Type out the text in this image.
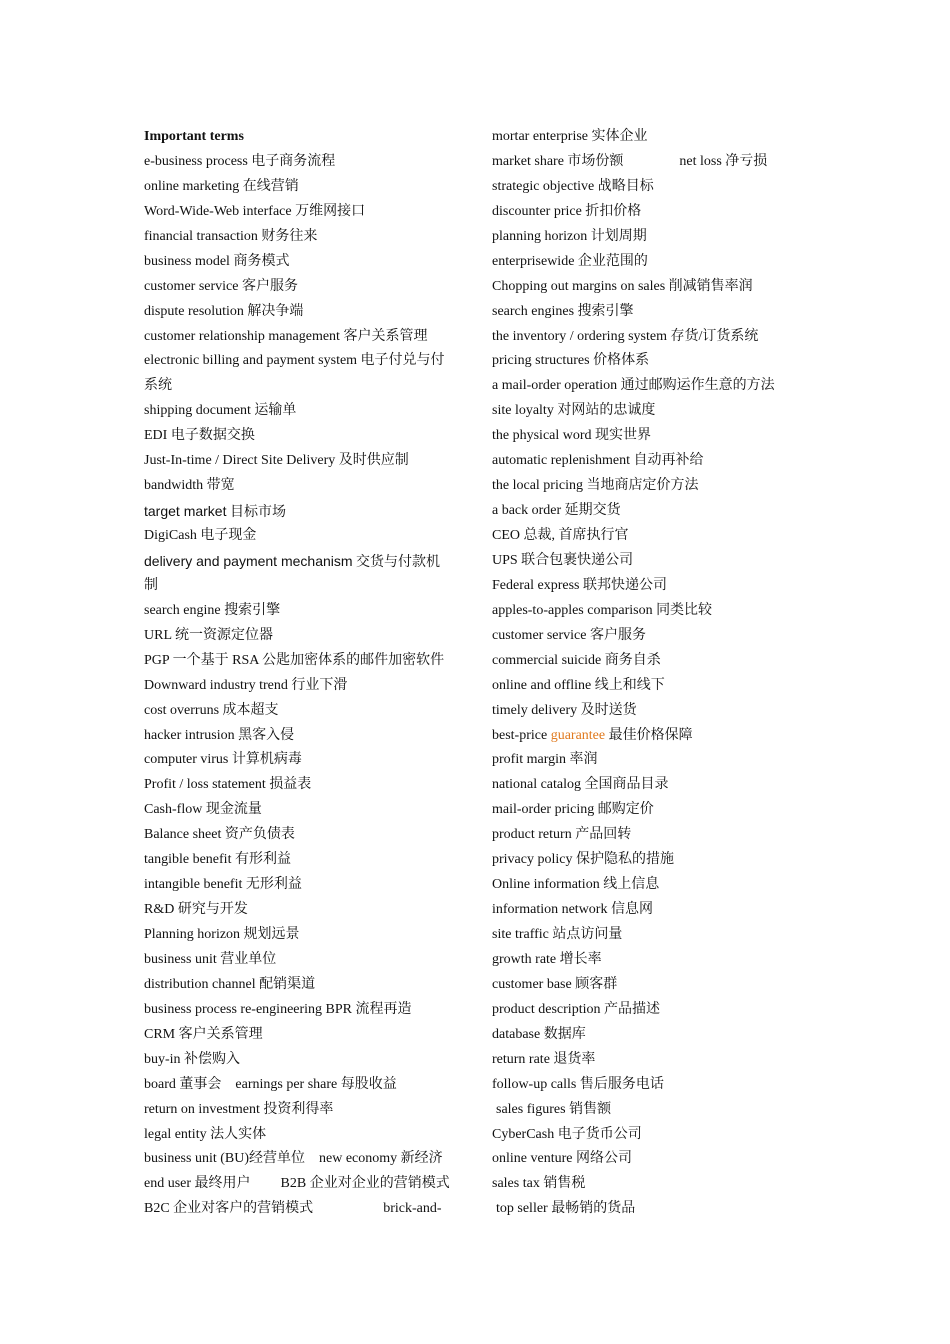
Important terms
e-business process 电子商务流程
online marketing 在线营销
Word-Wide-Web interface 万维网接口
financial transaction 财务往来
business model 商务模式
customer service 客户服务
dispute resolution 解决争端
customer relationship management 客户关系管理
electronic billing and payment system 电子付兑与付
系统
shipping document 运输单
EDI 电子数据交换
Just-In-time / Direct Site Delivery 及时供应制
bandwidth 带宽
target market 目标市场
DigiCash 电子现金
delivery and payment mechanism 交货与付款机
制
search engine 搜索引擎
URL 统一资源定位器
PGP 一个基于 RSA 公匙加密体系的邮件加密软件
Downward industry trend 行业下滑
cost overruns 成本超支
hacker intrusion 黑客入侵
computer virus 计算机病毒
Profit / loss statement 损益表
Cash-flow 现金流量
Balance sheet 资产负债表
tangible benefit 有形利益
intangible benefit 无形利益
R&D 研究与开发
Planning horizon 规划远景
business unit 营业单位
distribution channel 配销渠道
business process re-engineering BPR 流程再造
CRM 客户关系管理
buy-in 补偿购入
board 董事会 earnings per share 每股收益
return on investment 投资利得率
legal entity 法人实体
business unit (BU)经营单位 new economy 新经济
end user 最终用户 B2B 企业对企业的营销模式
B2C 企业对客户的营销模式	brick-and-
mortar enterprise 实体企业
market share 市场份额	net loss 净亏损
strategic objective 战略目标
discounter price 折扣价格
planning horizon 计划周期
enterprisewide 企业范围的
Chopping out margins on sales 削减销售率润
search engines 搜索引擎
the inventory / ordering system 存货/订货系统
pricing structures 价格体系
a mail-order operation 通过邮购运作生意的方法
site loyalty 对网站的忠诚度
the physical word 现实世界
automatic replenishment 自动再补给
the local pricing 当地商店定价方法
a back order 延期交货
CEO 总裁, 首席执行官
UPS 联合包裹快递公司
Federal express 联邦快递公司
apples-to-apples comparison 同类比较
customer service 客户服务
commercial suicide 商务自杀
online and offline 线上和线下
timely delivery 及时送货
best-price guarantee 最佳价格保障
profit margin 率润
national catalog 全国商品目录
mail-order pricing 邮购定价
product return 产品回转
privacy policy 保护隐私的措施
Online information 线上信息
information network 信息网
site traffic 站点访问量
growth rate 增长率
customer base 顾客群
product description 产品描述
database 数据库
return rate 退货率
follow-up calls 售后服务电话
sales figures 销售额
CyberCash 电子货币公司
online venture 网络公司
sales tax 销售税
top seller 最畅销的货品
